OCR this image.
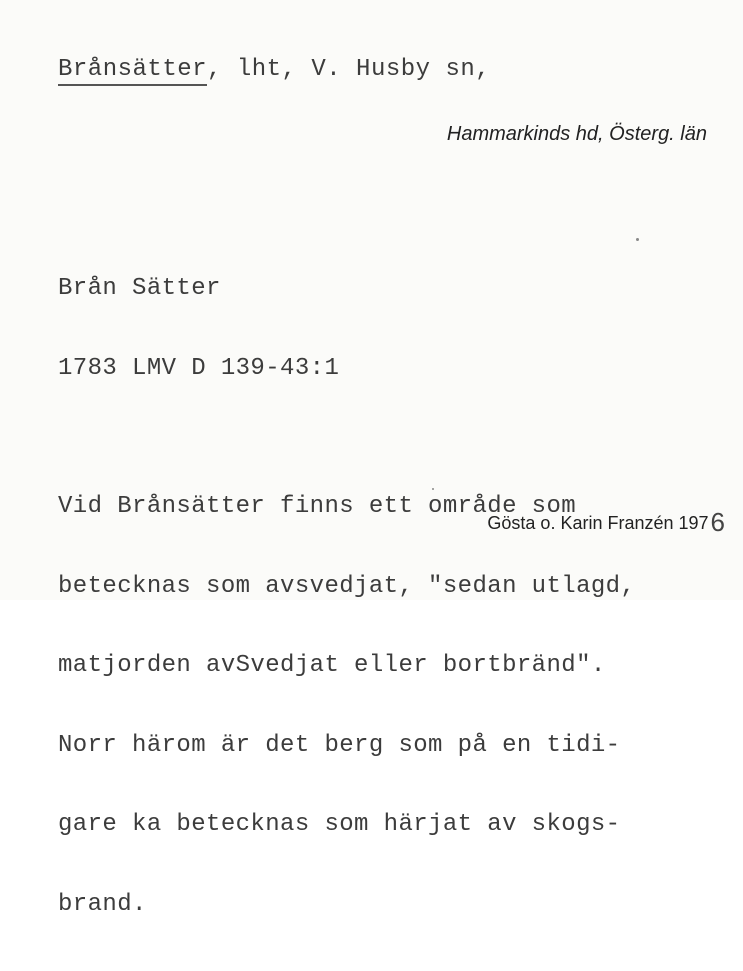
Brånsätter, lht, V. Husby sn,
Hammarkinds hd, Österg. län

Brån Sätter

1783 LMV D 139-43:1

Vid Brånsätter finns ett område som

betecknas som avsvedjat, "sedan utlagd,

matjorden avSvedjat eller bortbränd".

Norr härom är det berg som på en tidi-

gare ka betecknas som härjat av skogs-

brand.

Gösta o. Karin Franzén 1976
